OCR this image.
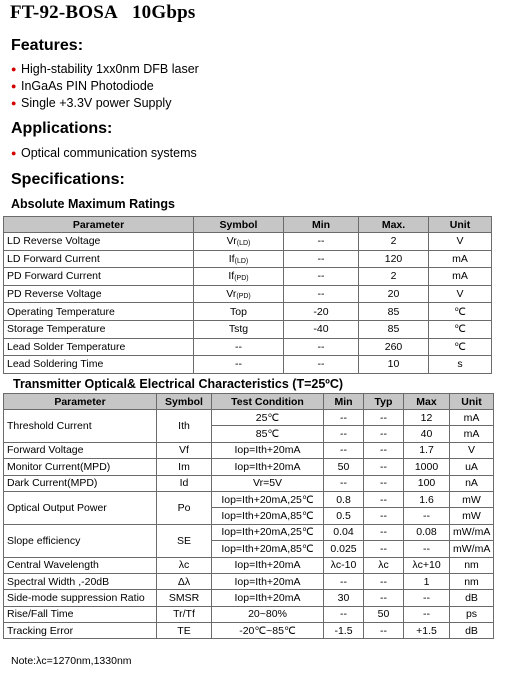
FT-92-BOSA 10Gbps
Features:
● High-stability 1xx0nm DFB laser
● InGaAs PIN Photodiode
● Single +3.3V power Supply
Applications:
● Optical communication systems
Specifications:
Absolute Maximum Ratings
Parameter	Symbol	Min	Max.	Unit
LD Reverse Voltage	$Vr_{(LD)}$	--	2	V
LD Forward Current	$If_{(LD)}$	--	120	mA
PD Forward Current	$If_{(PD)}$	--	2	mA
PD Reverse Voltage	$Vr_{(PD)}$	--	20	V
Operating Temperature	Top	-20	85	℃
Storage Temperature	Tstg	-40	85	℃
Lead Solder Temperature	--	--	260	℃
Lead Soldering Time	--	--	10	s
Transmitter Optical& Electrical Characteristics (T=25ºC)
Parameter	Symbol	Test Condition	Min	Typ	Max	Unit
Threshold Current	Ith	25℃	--	--	12	mA
		85℃	--	--	40	mA
Forward Voltage	Vf	Iop=Ith+20mA	--	--	1.7	V
Monitor Current(MPD)	Im	Iop=Ith+20mA	50	--	1000	uA
Dark Current(MPD)	Id	Vr=5V	--	--	100	nA
Optical Output Power	Po	Iop=Ith+20mA,25℃	0.8	--	1.6	mW
		Iop=Ith+20mA,85℃	0.5	--	--	mW
Slope efficiency	SE	Iop=Ith+20mA,25℃	0.04	--	0.08	mW/mA
		Iop=Ith+20mA,85℃	0.025	--	--	mW/mA
Central Wavelength	λc	Iop=Ith+20mA	λc-10	λc	λc+10	nm
Spectral Width ,-20dB	Δλ	Iop=Ith+20mA	--	--	1	nm
Side-mode suppression Ratio	SMSR	Iop=Ith+20mA	30	--	--	dB
Rise/Fall Time	Tr/Tf	20~80%	--	50	--	ps
Tracking Error	TE	-20℃~85℃	-1.5	--	+1.5	dB
Note:λc=1270nm,1330nm
